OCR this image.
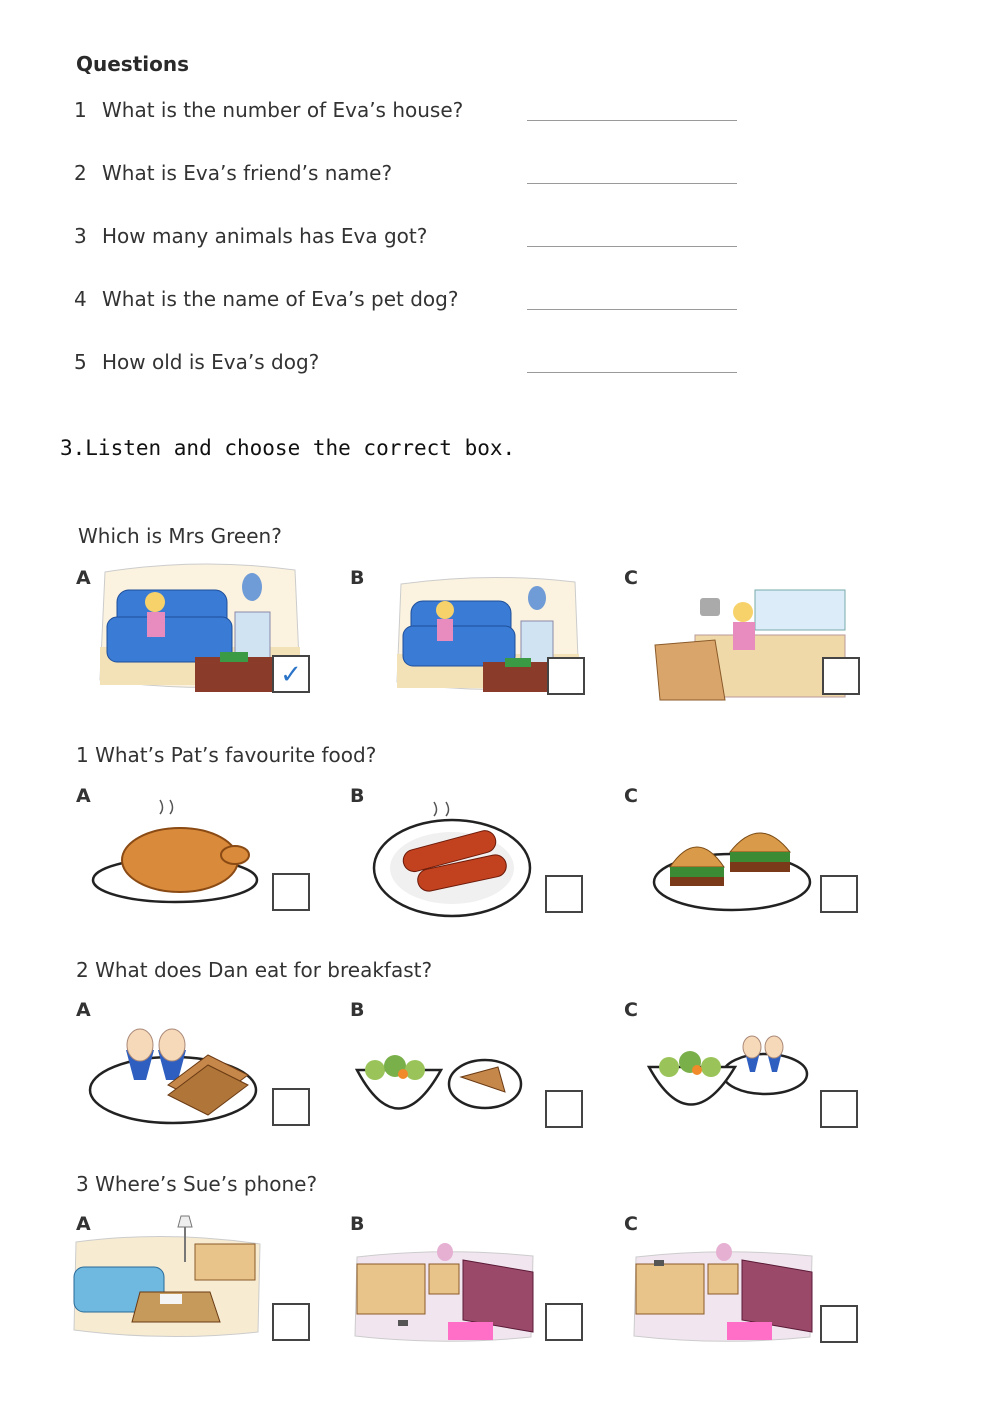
Questions
1 What is the number of Eva’s house?
2 What is Eva’s friend’s name?
3 How many animals has Eva got?
4 What is the name of Eva’s pet dog?
5 How old is Eva’s dog?
3.Listen and choose the correct box.
Which is Mrs Green?
A	B	C
✓
1 What’s Pat’s favourite food?
A	B	C
2 What does Dan eat for breakfast?
A	B	C
3 Where’s Sue’s phone?
A	B	C
